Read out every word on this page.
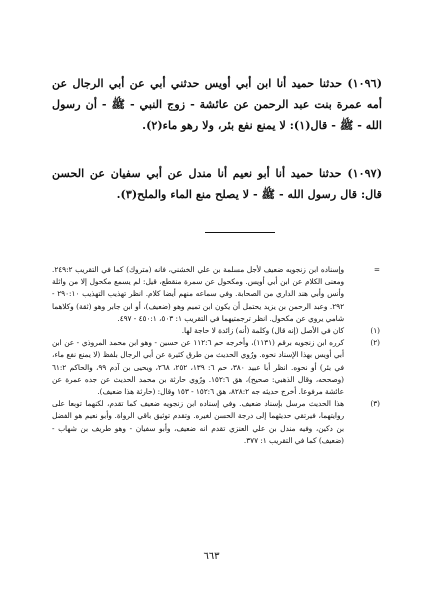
(١٠٩٦) حدثنا حميد أنا ابن أبي أويس حدثني أبي عن أبي الرجال عن أمه عمرة بنت عبد الرحمن عن عائشة - زوج النبي - ﷺ - أن رسول الله - ﷺ - قال(١): لا يمنع نفع بئر، ولا رهو ماء(٢).

(١٠٩٧) حدثنا حميد أنا أبو نعيم أنا مندل عن أبي سفيان عن الحسن قال: قال رسول الله - ﷺ - لا يصلح منع الماء والملح(٣).

=
وإسناده ابن زنجويه ضعيف لأجل مسلمة بن علي الخشني، فانه (متروك) كما في التقريب ٢٤٩:٢. ومعنى الكلام عن ابن أبي أويس. ومكحول عن سمرة منقطع، قيل: لم يسمع مكحول إلا من واثلة وأنس وأبي هند الداري من الصحابة. وفي سماعه منهم أيضا كلام. انظر تهذيب التهذيب ٢٩٠:١٠ - ٢٩٢. وعبد الرحمن بن يزيد يحتمل أن يكون ابن تميم وهو (ضعيف)، أو ابن جابر وهو (ثقة) وكلاهما شامي يروي عن مكحول. انظر ترجمتيهما في التقريب ١: ٥٠٣، ٤٥٠:١ - ٤٩٧.
(١)
كان في الأصل (إنه قال) وكلمة (أنه) زائدة لا حاجة لها.
(٢)
كرره ابن زنجويه برقم (١١٣١)، وأخرجه حم ١١٢:٦ عن حسين - وهو ابن محمد المروذي - عن ابن أبي أويس بهذا الإسناد نحوه. ورُوي الحديث من طرق كثيرة عن أبي الرجال بلفظ (لا يمنع نفع ماء، في بئر) أو نحوه. انظر أبا عبيد ٣٨٠، حم ٦: ١٣٩، ٢٥٢، ٢٦٨، ويحيى بن آدم ٩٩، والحاكم ٦١:٢ (وصححه، وقال الذهبي: صحيح)، هق ١٥٢:٦. ورُوي حارثة بن محمد الحديث عن جده عمرة عن عائشة مرفوعا. أخرج حديثه جه ٨٢٨:٢، هق ١٥٢:٦ - ١٥٣ وقال: (حارثة هذا ضعيف).
(٣)
هذا الحديث مرسل بإسناد ضعيف. وفي إسناده ابن زنجويه ضعيف كما تقدم، لكنهما توبعا على روايتهما، فيرتقي حديثهما إلى درجة الحسن لغيره. وتقدم توثيق باقي الرواة. وأبو نعيم هو الفضل بن دكين، وفيه مندل بن علي العنزي تقدم انه ضعيف، وأبو سفيان - وهو طريف بن شهاب - (ضعيف) كما في التقريب ١: ٣٧٧.
٦٦٣
